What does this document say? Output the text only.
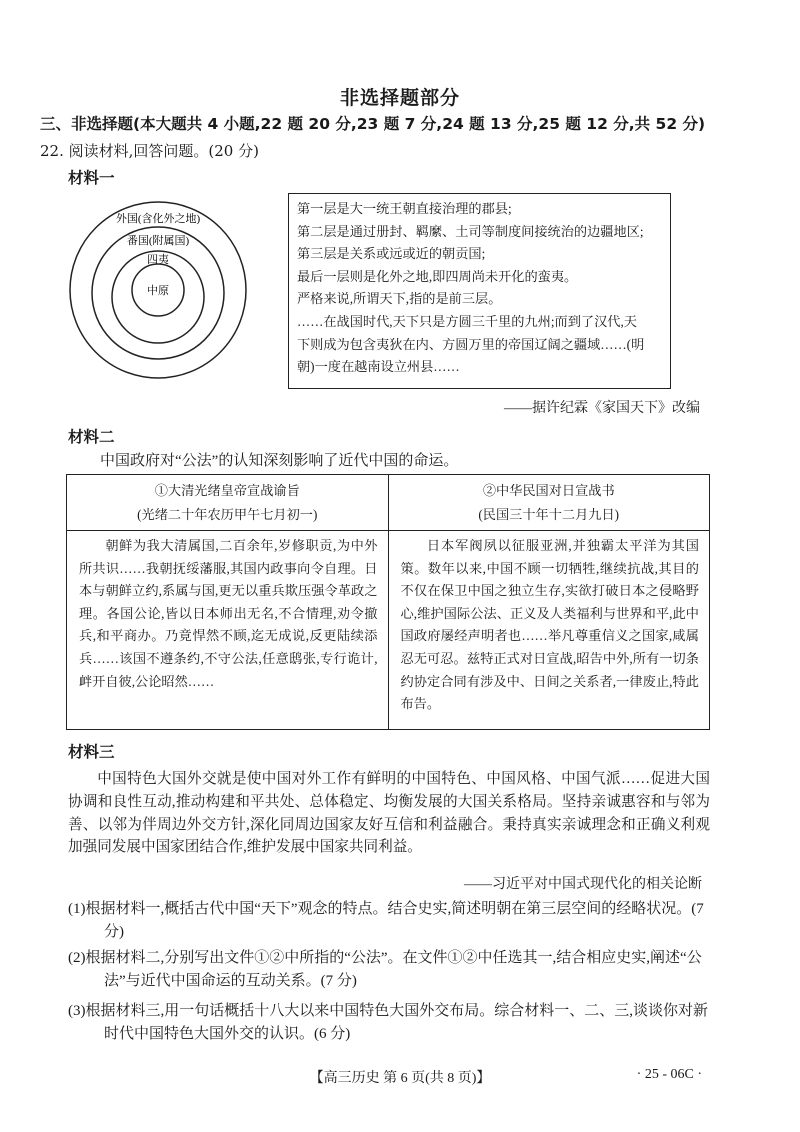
非选择题部分
三、非选择题(本大题共 4 小题,22 题 20 分,23 题 7 分,24 题 13 分,25 题 12 分,共 52 分)
22. 阅读材料,回答问题。(20 分)
材料一
外国(含化外之地)
番国(附属国)
四夷
中原

第一层是大一统王朝直接治理的郡县;

第二层是通过册封、羁縻、土司等制度间接统治的边疆地区;

第三层是关系或远或近的朝贡国;

最后一层则是化外之地,即四周尚未开化的蛮夷。

严格来说,所谓天下,指的是前三层。

……在战国时代,天下只是方圆三千里的九州;而到了汉代,天

下则成为包含夷狄在内、方圆万里的帝国辽阔之疆域……(明

朝)一度在越南设立州县……

——据许纪霖《家国天下》改编
材料二
中国政府对“公法”的认知深刻影响了近代中国的命运。
①大清光绪皇帝宣战谕旨
(光绪二十年农历甲午七月初一)
朝鲜为我大清属国,二百余年,岁修职贡,为中外所共识……我朝抚绥藩服,其国内政事向令自理。日本与朝鲜立约,系属与国,更无以重兵欺压强令革政之理。各国公论,皆以日本师出无名,不合情理,劝令撤兵,和平商办。乃竟悍然不顾,迄无成说,反更陆续添兵……该国不遵条约,不守公法,任意鸱张,专行诡计,衅开自彼,公论昭然……
②中华民国对日宣战书
(民国三十年十二月九日)
日本军阀夙以征服亚洲,并独霸太平洋为其国策。数年以来,中国不顾一切牺牲,继续抗战,其目的不仅在保卫中国之独立生存,实欲打破日本之侵略野心,维护国际公法、正义及人类福利与世界和平,此中国政府屡经声明者也……举凡尊重信义之国家,咸属忍无可忍。兹特正式对日宣战,昭告中外,所有一切条约协定合同有涉及中、日间之关系者,一律废止,特此布告。
材料三
中国特色大国外交就是使中国对外工作有鲜明的中国特色、中国风格、中国气派……促进大国协调和良性互动,推动构建和平共处、总体稳定、均衡发展的大国关系格局。坚持亲诚惠容和与邻为善、以邻为伴周边外交方针,深化同周边国家友好互信和利益融合。秉持真实亲诚理念和正确义利观加强同发展中国家团结合作,维护发展中国家共同利益。
——习近平对中国式现代化的相关论断
(1)根据材料一,概括古代中国“天下”观念的特点。结合史实,简述明朝在第三层空间的经略状况。(7 分)
(2)根据材料二,分别写出文件①②中所指的“公法”。在文件①②中任选其一,结合相应史实,阐述“公法”与近代中国命运的互动关系。(7 分)
(3)根据材料三,用一句话概括十八大以来中国特色大国外交布局。综合材料一、二、三,谈谈你对新时代中国特色大国外交的认识。(6 分)
【高三历史 第 6 页(共 8 页)】	· 25 - 06C ·
